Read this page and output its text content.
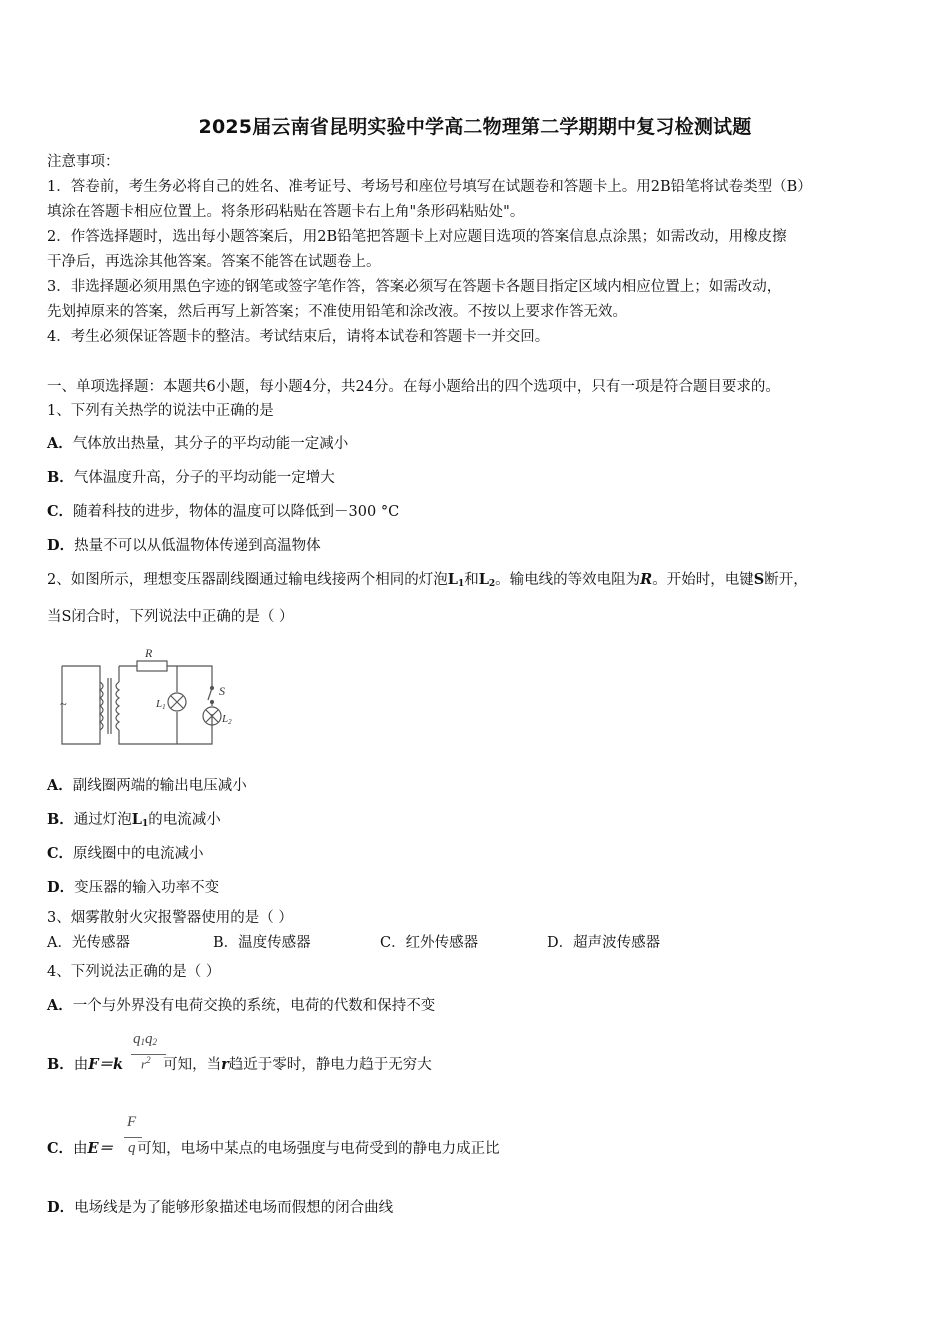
2025届云南省昆明实验中学高二物理第二学期期中复习检测试题
注意事项：
1．答卷前，考生务必将自己的姓名、准考证号、考场号和座位号填写在试题卷和答题卡上。用2B铅笔将试卷类型（B）
填涂在答题卡相应位置上。将条形码粘贴在答题卡右上角"条形码粘贴处"。
2．作答选择题时，选出每小题答案后，用2B铅笔把答题卡上对应题目选项的答案信息点涂黑；如需改动，用橡皮擦
干净后，再选涂其他答案。答案不能答在试题卷上。
3．非选择题必须用黑色字迹的钢笔或签字笔作答，答案必须写在答题卡各题目指定区域内相应位置上；如需改动，
先划掉原来的答案，然后再写上新答案；不准使用铅笔和涂改液。不按以上要求作答无效。
4．考生必须保证答题卡的整洁。考试结束后，请将本试卷和答题卡一并交回。
一、单项选择题：本题共6小题，每小题4分，共24分。在每小题给出的四个选项中，只有一项是符合题目要求的。
1、下列有关热学的说法中正确的是
A．气体放出热量，其分子的平均动能一定减小
B．气体温度升高，分子的平均动能一定增大
C．随着科技的进步，物体的温度可以降低到－300 °C
D．热量不可以从低温物体传递到高温物体
2、如图所示，理想变压器副线圈通过输电线接两个相同的灯泡$L_1$和$L_2$。输电线的等效电阻为R。开始时，电键S断开，
当S闭合时，下列说法中正确的是（ ）
R
S
L1
L2
~
A．副线圈两端的输出电压减小
B．通过灯泡$L_1$的电流减小
C．原线圈中的电流减小
D．变压器的输入功率不变
3、烟雾散射火灾报警器使用的是（ ）
A．光传感器	B．温度传感器	C．红外传感器	D．超声波传感器
4、下列说法正确的是（ ）
A．一个与外界没有电荷交换的系统，电荷的代数和保持不变
$q_1q_2$
$r^2$
B．由F＝k	可知，当r趋近于零时，静电力趋于无穷大
F
q
C．由E＝ 可知，电场中某点的电场强度与电荷受到的静电力成正比
D．电场线是为了能够形象描述电场而假想的闭合曲线
